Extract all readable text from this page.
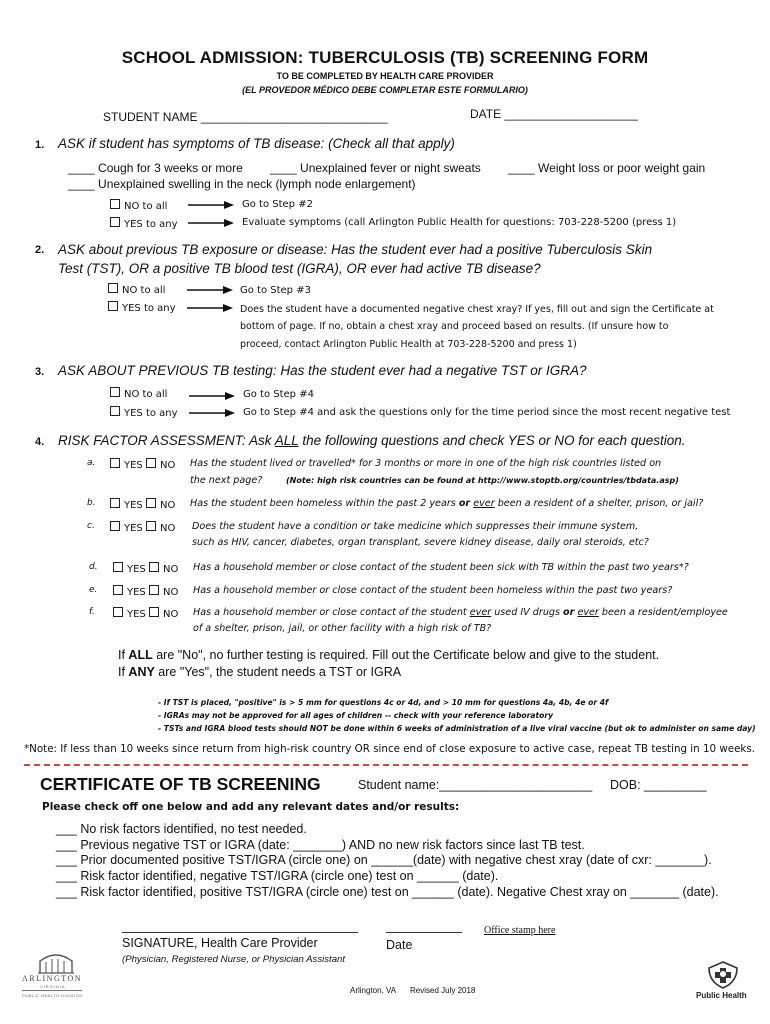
SCHOOL ADMISSION: TUBERCULOSIS (TB) SCREENING FORM
TO BE COMPLETED BY HEALTH CARE PROVIDER
(EL PROVEDOR MÉDICO DEBE COMPLETAR ESTE FORMULARIO)
STUDENT NAME ____________________________	DATE ____________________
1. ASK if student has symptoms of TB disease: (Check all that apply)
____ Cough for 3 weeks or more ____ Unexplained fever or night sweats ____ Weight loss or poor weight gain
____ Unexplained swelling in the neck (lymph node enlargement)
NO to all	Go to Step #2
YES to any	Evaluate symptoms (call Arlington Public Health for questions: 703-228-5200 (press 1)
2. ASK about previous TB exposure or disease: Has the student ever had a positive Tuberculosis Skin
Test (TST), OR a positive TB blood test (IGRA), OR ever had active TB disease?
NO to all	Go to Step #3
YES to any	Does the student have a documented negative chest xray? If yes, fill out and sign the Certificate at
bottom of page. If no, obtain a chest xray and proceed based on results. (If unsure how to
proceed, contact Arlington Public Health at 703-228-5200 and press 1)
3. ASK ABOUT PREVIOUS TB testing: Has the student ever had a negative TST or IGRA?
NO to all	Go to Step #4
YES to any	Go to Step #4 and ask the questions only for the time period since the most recent negative test
4. RISK FACTOR ASSESSMENT: Ask ALL the following questions and check YES or NO for each question.
a.	YES NO Has the student lived or travelled* for 3 months or more in one of the high risk countries listed on
the next page?	(Note: high risk countries can be found at http://www.stoptb.org/countries/tbdata.asp)
b.	YES NO Has the student been homeless within the past 2 years or ever been a resident of a shelter, prison, or jail?
c.	YES NO Does the student have a condition or take medicine which suppresses their immune system,
such as HIV, cancer, diabetes, organ transplant, severe kidney disease, daily oral steroids, etc?
d.	YES NO Has a household member or close contact of the student been sick with TB within the past two years*?
e.	YES NO Has a household member or close contact of the student been homeless within the past two years?
f.	YES NO Has a household member or close contact of the student ever used IV drugs or ever been a resident/employee
of a shelter, prison, jail, or other facility with a high risk of TB?
If ALL are "No", no further testing is required. Fill out the Certificate below and give to the student.
If ANY are "Yes", the student needs a TST or IGRA
- If TST is placed, "positive" is > 5 mm for questions 4c or 4d, and > 10 mm for questions 4a, 4b, 4e or 4f
- IGRAs may not be approved for all ages of children -- check with your reference laboratory
- TSTs and IGRA blood tests should NOT be done within 6 weeks of administration of a live viral vaccine (but ok to administer on same day)
*Note: If less than 10 weeks since return from high-risk country OR since end of close exposure to active case, repeat TB testing in 10 weeks.
CERTIFICATE OF TB SCREENING	Student name:______________________ DOB: _________
Please check off one below and add any relevant dates and/or results:
___ No risk factors identified, no test needed.
___ Previous negative TST or IGRA (date: _______) AND no new risk factors since last TB test.
___ Prior documented positive TST/IGRA (circle one) on ______(date) with negative chest xray (date of cxr: _______).
___ Risk factor identified, negative TST/IGRA (circle one) test on ______ (date).
___ Risk factor identified, positive TST/IGRA (circle one) test on ______ (date). Negative Chest xray on _______ (date).
Office stamp here
SIGNATURE, Health Care Provider	Date
(Physician, Registered Nurse, or Physician Assistant
Arlington, VA Revised July 2018
ARLINGTON
VIRGINIA
PUBLIC HEALTH DIVISION	Public Health
